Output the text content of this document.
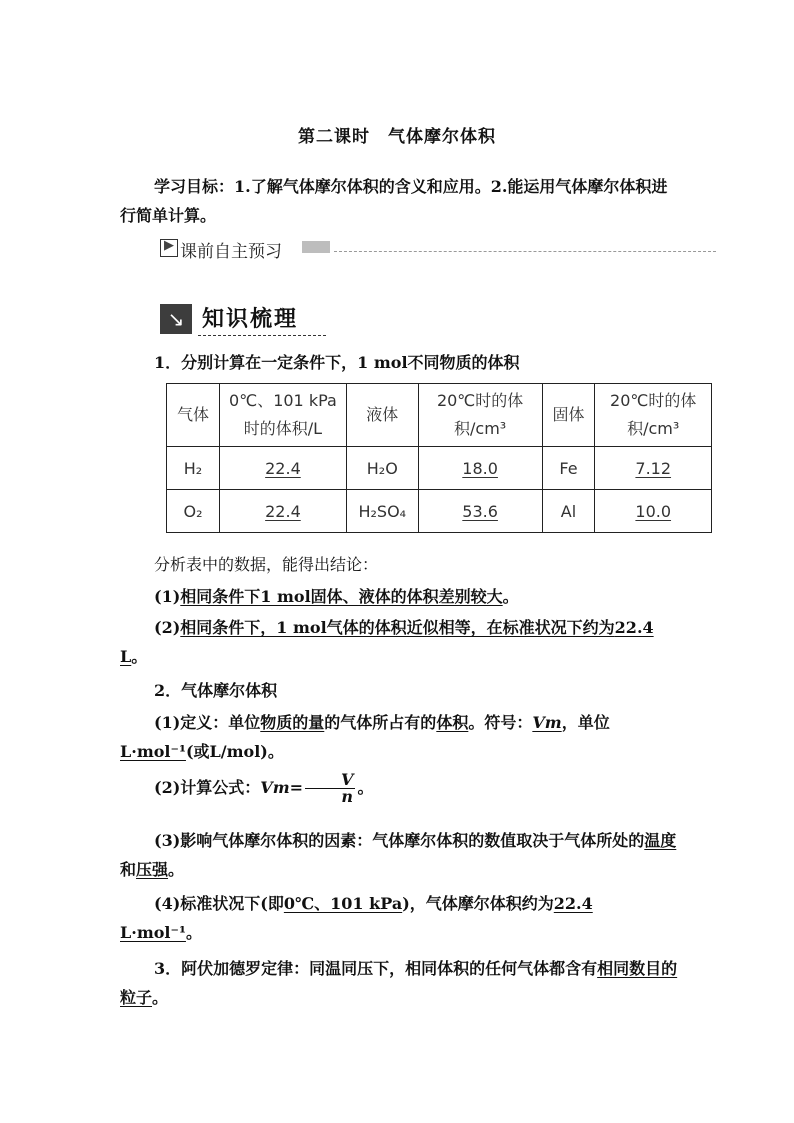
第二课时　气体摩尔体积
学习目标：1.了解气体摩尔体积的含义和应用。2.能运用气体摩尔体积进行简单计算。
▶ 课前自主预习
↘ 知识梳理
1．分别计算在一定条件下，1 mol不同物质的体积
气体	0℃、101 kPa时的体积/L	液体	20℃时的体积/cm³	固体	20℃时的体积/cm³
H₂	22.4	H₂O	18.0	Fe	7.12
O₂	22.4	H₂SO₄	53.6	Al	10.0
分析表中的数据，能得出结论：
(1)相同条件下1 mol固体、液体的体积差别较大。
(2)相同条件下，1 mol气体的体积近似相等，在标准状况下约为22.4 L。
2．气体摩尔体积
(1)定义：单位物质的量的气体所占有的体积。符号：Vm，单位L·mol⁻¹(或L/mol)。
(2)计算公式：$Vm= \frac{V}{n}$ 。
(3)影响气体摩尔体积的因素：气体摩尔体积的数值取决于气体所处的温度和压强。
(4)标准状况下(即0℃、101 kPa)，气体摩尔体积约为22.4 L·mol⁻¹。
3．阿伏加德罗定律：同温同压下，相同体积的任何气体都含有相同数目的粒子。
